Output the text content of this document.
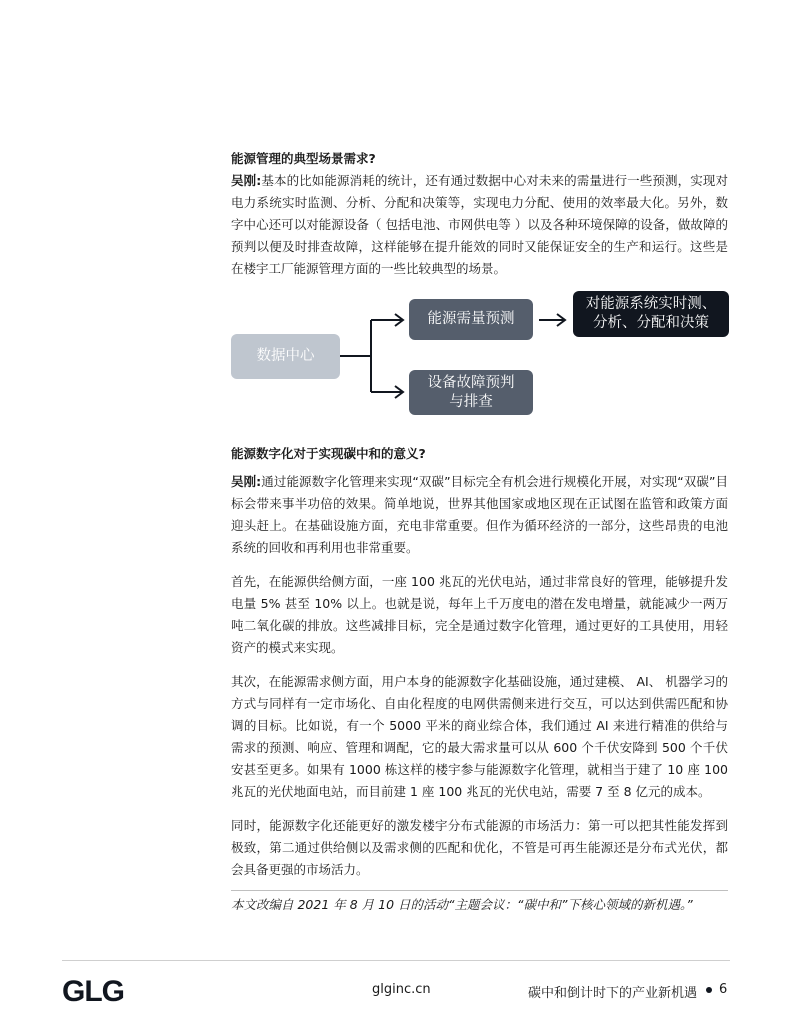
能源管理的典型场景需求?

吴刚:基本的比如能源消耗的统计，还有通过数据中心对未来的需量进行一些预测，实现对电力系统实时监测、分析、分配和决策等，实现电力分配、使用的效率最大化。另外，数字中心还可以对能源设备（ 包括电池、市网供电等 ）以及各种环境保障的设备，做故障的预判以便及时排查故障，这样能够在提升能效的同时又能保证安全的生产和运行。这些是在楼宇工厂能源管理方面的一些比较典型的场景。

数据中心
能源需量预测
设备故障预判
与排查
对能源系统实时测、
分析、分配和决策

能源数字化对于实现碳中和的意义?

吴刚:通过能源数字化管理来实现“双碳”目标完全有机会进行规模化开展，对实现“双碳”目标会带来事半功倍的效果。简单地说，世界其他国家或地区现在正试图在监管和政策方面迎头赶上。在基础设施方面，充电非常重要。但作为循环经济的一部分，这些昂贵的电池系统的回收和再利用也非常重要。

首先，在能源供给侧方面，一座 100 兆瓦的光伏电站，通过非常良好的管理，能够提升发电量 5% 甚至 10% 以上。也就是说，每年上千万度电的潜在发电增量，就能减少一两万吨二氧化碳的排放。这些减排目标，完全是通过数字化管理，通过更好的工具使用，用轻资产的模式来实现。

其次，在能源需求侧方面，用户本身的能源数字化基础设施，通过建模、 AI、 机器学习的方式与同样有一定市场化、自由化程度的电网供需侧来进行交互，可以达到供需匹配和协调的目标。比如说，有一个 5000 平米的商业综合体，我们通过 AI 来进行精准的供给与需求的预测、响应、管理和调配，它的最大需求量可以从 600 个千伏安降到 500 个千伏安甚至更多。如果有 1000 栋这样的楼宇参与能源数字化管理，就相当于建了 10 座 100 兆瓦的光伏地面电站，而目前建 1 座 100 兆瓦的光伏电站，需要 7 至 8 亿元的成本。

同时，能源数字化还能更好的激发楼宇分布式能源的市场活力：第一可以把其性能发挥到极致，第二通过供给侧以及需求侧的匹配和优化，不管是可再生能源还是分布式光伏，都会具备更强的市场活力。

本文改编自 2021 年 8 月 10 日的活动“主题会议：“碳中和”下核心领域的新机遇。”
GLG	glginc.cn	碳中和倒计时下的产业新机遇 6
